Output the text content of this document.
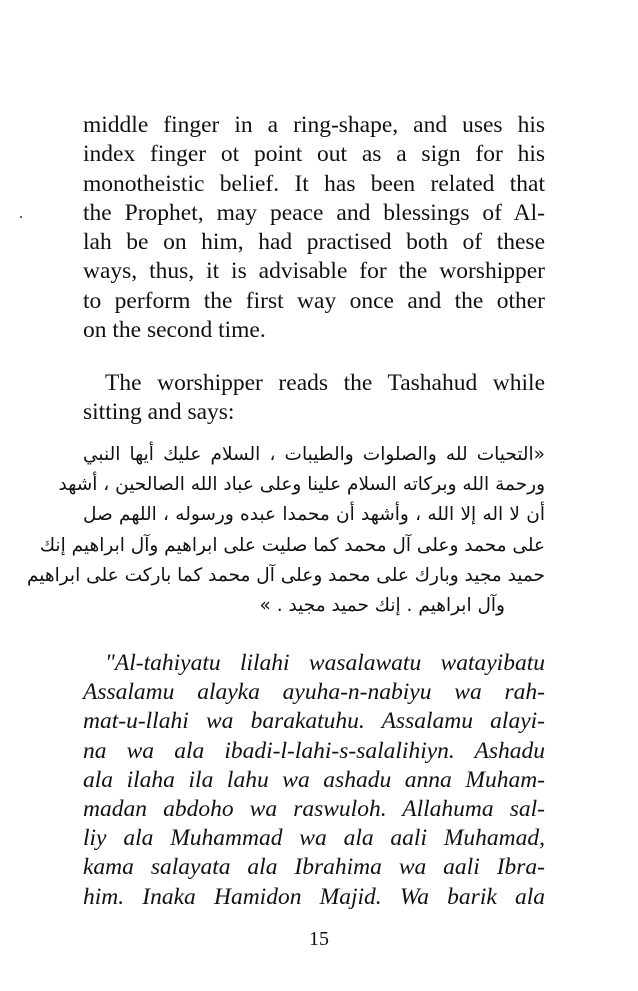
middle finger in a ring-shape, and uses his
index finger ot point out as a sign for his
monotheistic belief. It has been related that
the Prophet, may peace and blessings of Al-
lah be on him, had practised both of these
ways, thus, it is advisable for the worshipper
to perform the first way once and the other
on the second time.
The worshipper reads the Tashahud while
sitting and says:
«التحيات لله والصلوات والطيبات ، السلام عليك أيها النبي
ورحمة الله وبركاته السلام علينا وعلى عباد الله الصالحين ، أشهد
أن لا اله إلا الله ، وأشهد أن محمدا عبده ورسوله ، اللهم صل
على محمد وعلى آل محمد كما صليت على ابراهيم وآل ابراهيم إنك
حميد مجيد وبارك على محمد وعلى آل محمد كما باركت على ابراهيم
وآل ابراهيم . إنك حميد مجيد . »
"Al-tahiyatu lilahi wasalawatu watayibatu
Assalamu alayka ayuha-n-nabiyu wa rah-
mat-u-llahi wa barakatuhu. Assalamu alayi-
na wa ala ibadi-l-lahi-s-salalihiyn. Ashadu
ala ilaha ila lahu wa ashadu anna Muham-
madan abdoho wa raswuloh. Allahuma sal-
liy ala Muhammad wa ala aali Muhamad,
kama salayata ala Ibrahima wa aali Ibra-
him. Inaka Hamidon Majid. Wa barik ala
15
